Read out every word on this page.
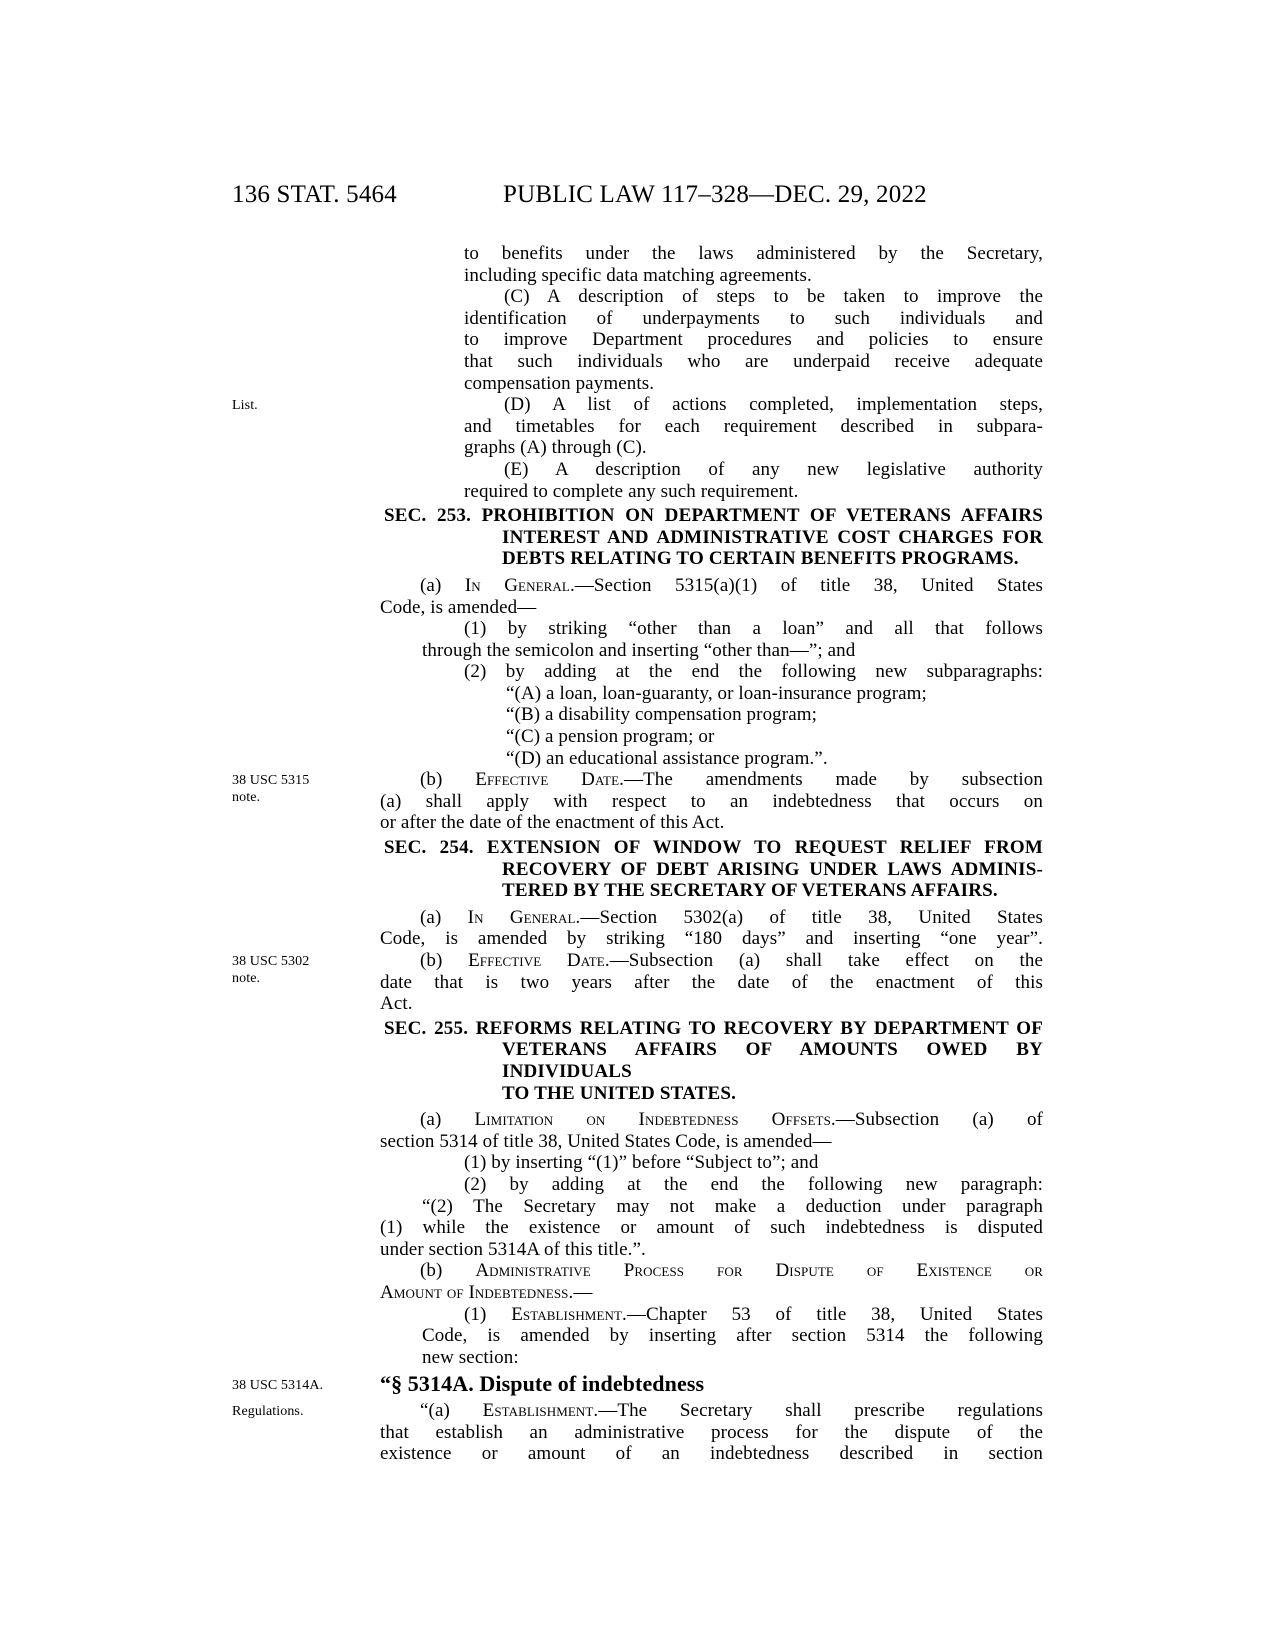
136 STAT. 5464	PUBLIC LAW 117–328—DEC. 29, 2022
to benefits under the laws administered by the Secretary,
including specific data matching agreements.
(C) A description of steps to be taken to improve the
identification of underpayments to such individuals and
to improve Department procedures and policies to ensure
that such individuals who are underpaid receive adequate
compensation payments.
(D) A list of actions completed, implementation steps,
and timetables for each requirement described in subpara-
graphs (A) through (C).
(E) A description of any new legislative authority
required to complete any such requirement.
SEC. 253. PROHIBITION ON DEPARTMENT OF VETERANS AFFAIRS
INTEREST AND ADMINISTRATIVE COST CHARGES FOR
DEBTS RELATING TO CERTAIN BENEFITS PROGRAMS.
(a) In General.—Section 5315(a)(1) of title 38, United States
Code, is amended—
(1) by striking “other than a loan” and all that follows
through the semicolon and inserting “other than—”; and
(2) by adding at the end the following new subparagraphs:
“(A) a loan, loan-guaranty, or loan-insurance program;
“(B) a disability compensation program;
“(C) a pension program; or
“(D) an educational assistance program.”.
(b) Effective Date.—The amendments made by subsection
(a) shall apply with respect to an indebtedness that occurs on
or after the date of the enactment of this Act.
SEC. 254. EXTENSION OF WINDOW TO REQUEST RELIEF FROM
RECOVERY OF DEBT ARISING UNDER LAWS ADMINIS-
TERED BY THE SECRETARY OF VETERANS AFFAIRS.
(a) In General.—Section 5302(a) of title 38, United States
Code, is amended by striking “180 days” and inserting “one year”.
(b) Effective Date.—Subsection (a) shall take effect on the
date that is two years after the date of the enactment of this
Act.
SEC. 255. REFORMS RELATING TO RECOVERY BY DEPARTMENT OF
VETERANS AFFAIRS OF AMOUNTS OWED BY INDIVIDUALS
TO THE UNITED STATES.
(a) Limitation on Indebtedness Offsets.—Subsection (a) of
section 5314 of title 38, United States Code, is amended—
(1) by inserting “(1)” before “Subject to”; and
(2) by adding at the end the following new paragraph:
“(2) The Secretary may not make a deduction under paragraph
(1) while the existence or amount of such indebtedness is disputed
under section 5314A of this title.”.
(b) Administrative Process for Dispute of Existence or
Amount of Indebtedness.—
(1) Establishment.—Chapter 53 of title 38, United States
Code, is amended by inserting after section 5314 the following
new section:
“§ 5314A. Dispute of indebtedness
“(a) Establishment.—The Secretary shall prescribe regulations
that establish an administrative process for the dispute of the
existence or amount of an indebtedness described in section
List.
38 USC 5315
note.
38 USC 5302
note.
38 USC 5314A.
Regulations.
